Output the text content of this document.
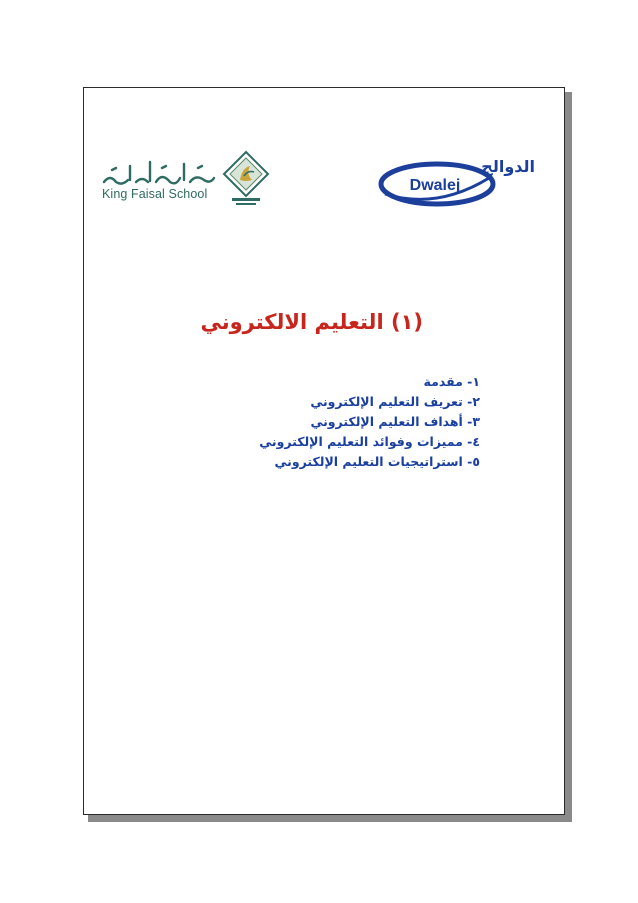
مدارس الملك فيصل
King Faisal School	Dwalej
الدوالج
(١) التعليم الالكتروني
١- مقدمة
٢- تعريف التعليم الإلكتروني
٣- أهداف التعليم الإلكتروني
٤- مميزات وفوائد التعليم الإلكتروني
٥- استراتيجيات التعليم الإلكتروني
